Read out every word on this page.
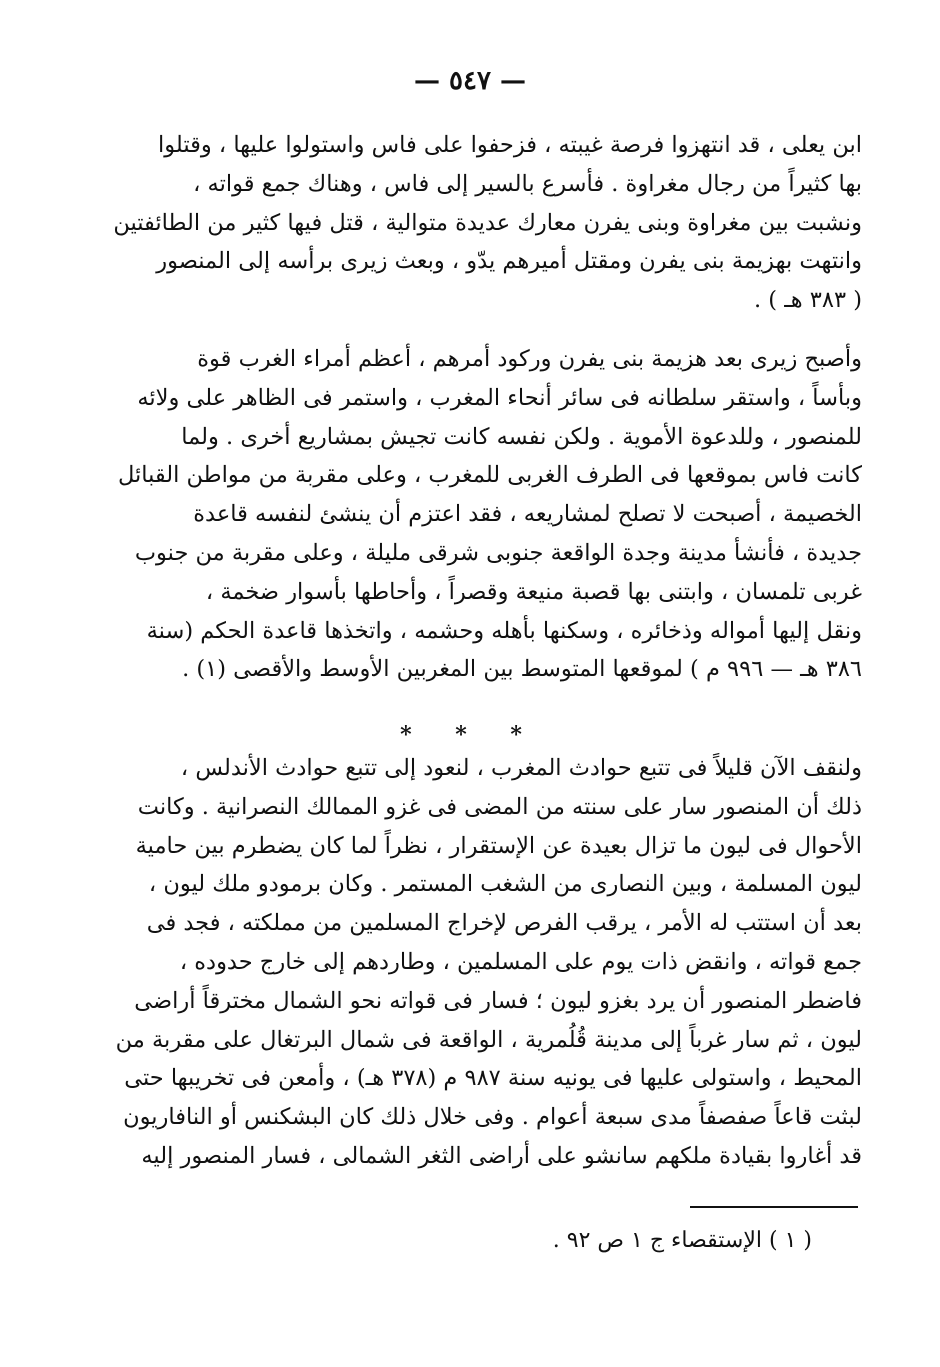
— ٥٤٧ —
ابن يعلى ، قد انتهزوا فرصة غيبته ، فزحفوا على فاس واستولوا عليها ، وقتلوا
بها كثيراً من رجال مغراوة . فأسرع بالسير إلى فاس ، وهناك جمع قواته ،
ونشبت بين مغراوة وبنى يفرن معارك عديدة متوالية ، قتل فيها كثير من الطائفتين
وانتهت بهزيمة بنى يفرن ومقتل أميرهم يدّو ، وبعث زيرى برأسه إلى المنصور
( ٣٨٣ هـ ) .
وأصبح زيرى بعد هزيمة بنى يفرن وركود أمرهم ، أعظم أمراء الغرب قوة
وبأساً ، واستقر سلطانه فى سائر أنحاء المغرب ، واستمر فى الظاهر على ولائه
للمنصور ، وللدعوة الأموية . ولكن نفسه كانت تجيش بمشاريع أخرى . ولما
كانت فاس بموقعها فى الطرف الغربى للمغرب ، وعلى مقربة من مواطن القبائل
الخصيمة ، أصبحت لا تصلح لمشاريعه ، فقد اعتزم أن ينشئ لنفسه قاعدة
جديدة ، فأنشأ مدينة وجدة الواقعة جنوبى شرقى مليلة ، وعلى مقربة من جنوب
غربى تلمسان ، وابتنى بها قصبة منيعة وقصراً ، وأحاطها بأسوار ضخمة ،
ونقل إليها أمواله وذخائره ، وسكنها بأهله وحشمه ، واتخذها قاعدة الحكم (سنة
٣٨٦ هـ — ٩٩٦ م ) لموقعها المتوسط بين المغربين الأوسط والأقصى (١) .
* * *
ولنقف الآن قليلاً فى تتبع حوادث المغرب ، لنعود إلى تتبع حوادث الأندلس ،
ذلك أن المنصور سار على سنته من المضى فى غزو الممالك النصرانية . وكانت
الأحوال فى ليون ما تزال بعيدة عن الإستقرار ، نظراً لما كان يضطرم بين حامية
ليون المسلمة ، وبين النصارى من الشغب المستمر . وكان برمودو ملك ليون ،
بعد أن استتب له الأمر ، يرقب الفرص لإخراج المسلمين من مملكته ، فجد فى
جمع قواته ، وانقض ذات يوم على المسلمين ، وطاردهم إلى خارج حدوده ،
فاضطر المنصور أن يرد بغزو ليون ؛ فسار فى قواته نحو الشمال مخترقاً أراضى
ليون ، ثم سار غرباً إلى مدينة قُلُمرية ، الواقعة فى شمال البرتغال على مقربة من
المحيط ، واستولى عليها فى يونيه سنة ٩٨٧ م (٣٧٨ هـ) ، وأمعن فى تخريبها حتى
لبثت قاعاً صفصفاً مدى سبعة أعوام . وفى خلال ذلك كان البشكنس أو النافاريون
قد أغاروا بقيادة ملكهم سانشو على أراضى الثغر الشمالى ، فسار المنصور إليه
( ١ ) الإستقصاء ج ١ ص ٩٢ .
